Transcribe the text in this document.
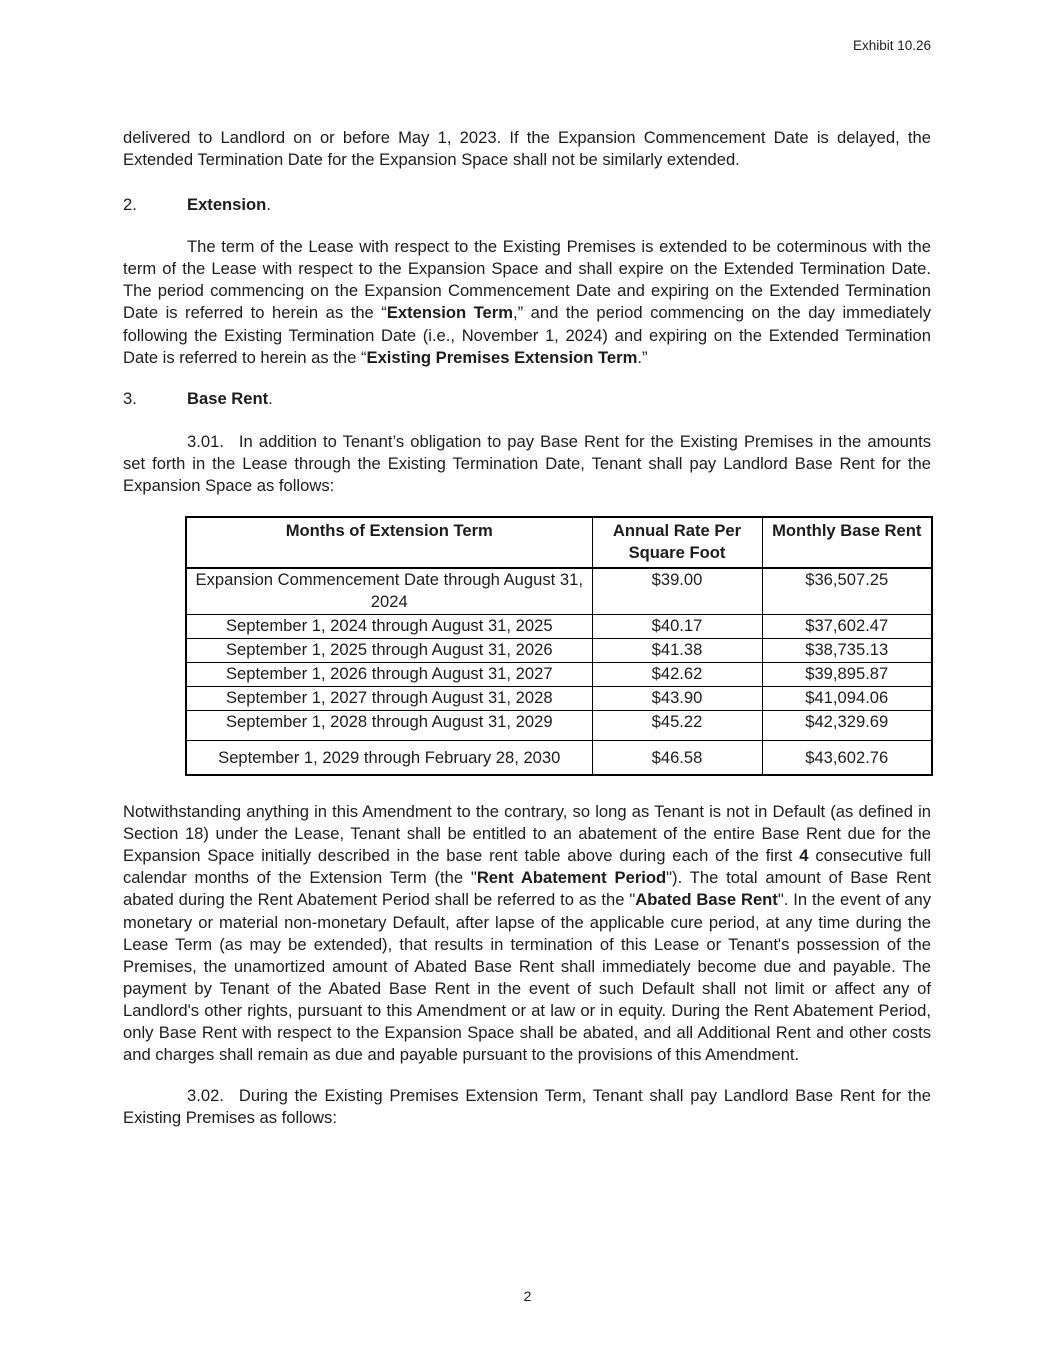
Exhibit 10.26

delivered to Landlord on or before May 1, 2023. If the Expansion Commencement Date is delayed, the Extended Termination Date for the Expansion Space shall not be similarly extended.

2.	Extension.

The term of the Lease with respect to the Existing Premises is extended to be coterminous with the term of the Lease with respect to the Expansion Space and shall expire on the Extended Termination Date. The period commencing on the Expansion Commencement Date and expiring on the Extended Termination Date is referred to herein as the “Extension Term,” and the period commencing on the day immediately following the Existing Termination Date (i.e., November 1, 2024) and expiring on the Extended Termination Date is referred to herein as the “Existing Premises Extension Term.”

3.	Base Rent.

3.01. In addition to Tenant’s obligation to pay Base Rent for the Existing Premises in the amounts set forth in the Lease through the Existing Termination Date, Tenant shall pay Landlord Base Rent for the Expansion Space as follows:

Months of Extension Term	Annual Rate Per Square Foot	Monthly Base Rent
Expansion Commencement Date through August 31, 2024	$39.00	$36,507.25
September 1, 2024 through August 31, 2025	$40.17	$37,602.47
September 1, 2025 through August 31, 2026	$41.38	$38,735.13
September 1, 2026 through August 31, 2027	$42.62	$39,895.87
September 1, 2027 through August 31, 2028	$43.90	$41,094.06
September 1, 2028 through August 31, 2029	$45.22	$42,329.69
September 1, 2029 through February 28, 2030	$46.58	$43,602.76

Notwithstanding anything in this Amendment to the contrary, so long as Tenant is not in Default (as defined in Section 18) under the Lease, Tenant shall be entitled to an abatement of the entire Base Rent due for the Expansion Space initially described in the base rent table above during each of the first 4 consecutive full calendar months of the Extension Term (the "Rent Abatement Period"). The total amount of Base Rent abated during the Rent Abatement Period shall be referred to as the "Abated Base Rent". In the event of any monetary or material non-monetary Default, after lapse of the applicable cure period, at any time during the Lease Term (as may be extended), that results in termination of this Lease or Tenant's possession of the Premises, the unamortized amount of Abated Base Rent shall immediately become due and payable. The payment by Tenant of the Abated Base Rent in the event of such Default shall not limit or affect any of Landlord's other rights, pursuant to this Amendment or at law or in equity. During the Rent Abatement Period, only Base Rent with respect to the Expansion Space shall be abated, and all Additional Rent and other costs and charges shall remain as due and payable pursuant to the provisions of this Amendment.

3.02. During the Existing Premises Extension Term, Tenant shall pay Landlord Base Rent for the Existing Premises as follows:

2
